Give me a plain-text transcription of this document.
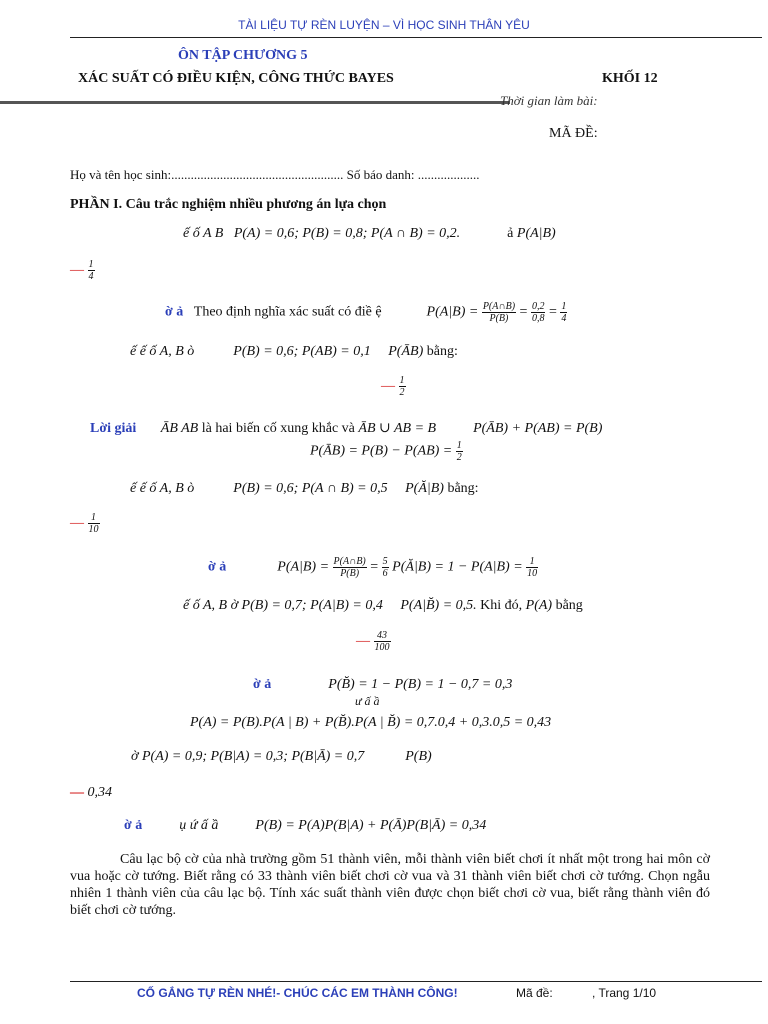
TÀI LIỆU TỰ RÈN LUYỆN – VÌ HỌC SINH THÂN YÊU
ÔN TẬP CHƯƠNG 5
XÁC SUẤT CÓ ĐIỀU KIỆN, CÔNG THỨC BAYES	KHỐI 12
Thời gian làm bài:
MÃ ĐỀ:
Họ và tên học sinh:..................................................... Số báo danh: ...................
PHẦN I. Câu trắc nghiệm nhiều phương án lựa chọn
ế ố A B P(A) = 0,6; P(B) = 0,8; P(A ∩ B) = 0,2.	ả P(A|B)
— $\frac{1}{4}$
ờ ả Theo định nghĩa xác suất có điề ệ	$P(A|B) = \frac{P(A\cap B)}{P(B)} = \frac{0,2}{0,8} = \frac{1}{4}$
ế ế ố A, B ò	P(B) = 0,6; P(AB) = 0,1 P(ĀB) bằng:
— $\frac{1}{2}$
Lời giải ĀB AB là hai biến cố xung khắc và ĀB ∪ AB = B	P(ĀB) + P(AB) = P(B)
P(ĀB) = $P(B) - P(AB) = \frac{1}{2}$
ế ế ố A, B ò	P(B) = 0,6; P(A ∩ B) = 0,5 P(Ă|B) bằng:
— $\frac{1}{10}$
ờ ả	$P(A|B) = \frac{P(A\cap B)}{P(B)} = \frac{5}{6}$ P(Ă|B) = $1 - P(A|B) = \frac{1}{10}$
ế ố A, B ờ P(B) = 0,7; P(A|B) = 0,4 P(A|B̆) = 0,5. Khi đó, P(A) bằng
— $\frac{43}{100}$
ờ ả	P(B̆) = 1 − P(B) = 1 − 0,7 = 0,3
ư ấ ầ
P(A) = P(B).P(A | B) + P(B̆).P(A | B̆) = 0,7.0,4 + 0,3.0,5 = 0,43
ờ P(A) = 0,9; P(B|A) = 0,3; P(B|Ā) = 0,7	P(B)
— 0,34
ờ ả	ụ ứ ấ ầ	P(B) = P(A)P(B|A) + P(Ā)P(B|Ā) = 0,34
Câu lạc bộ cờ của nhà trường gồm 51 thành viên, mỗi thành viên biết chơi ít nhất một trong hai môn cờ vua hoặc cờ tướng. Biết rằng có 33 thành viên biết chơi cờ vua và 31 thành viên biết chơi cờ tướng. Chọn ngẫu nhiên 1 thành viên của câu lạc bộ. Tính xác suất thành viên được chọn biết chơi cờ vua, biết rằng thành viên đó biết chơi cờ tướng.
CỐ GẮNG TỰ RÈN NHÉ!- CHÚC CÁC EM THÀNH CÔNG!	Mã đề:	, Trang 1/10
